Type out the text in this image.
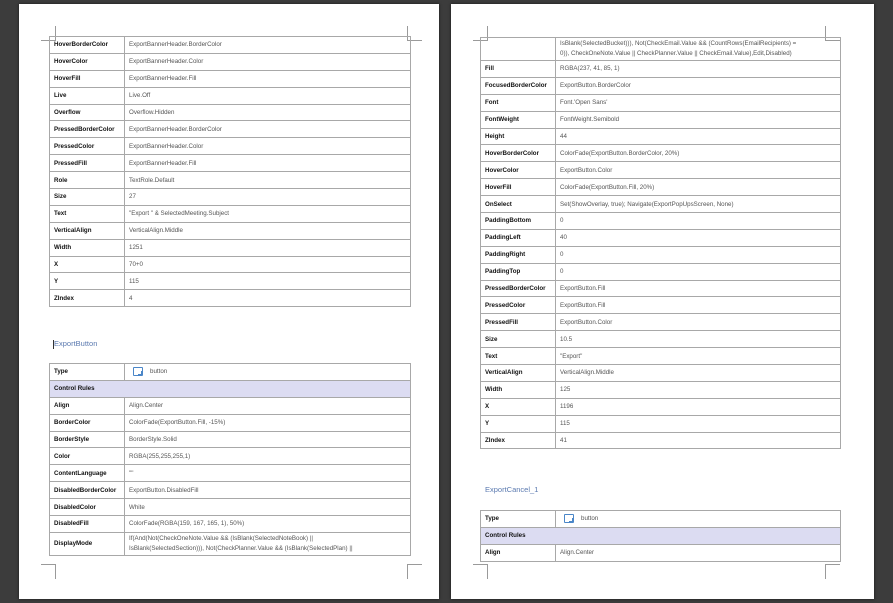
HoverBorderColor	ExportBannerHeader.BorderColor
HoverColor	ExportBannerHeader.Color
HoverFill	ExportBannerHeader.Fill
Live	Live.Off
Overflow	Overflow.Hidden
PressedBorderColor	ExportBannerHeader.BorderColor
PressedColor	ExportBannerHeader.Color
PressedFill	ExportBannerHeader.Fill
Role	TextRole.Default
Size	27
Text	"Export " & SelectedMeeting.Subject
VerticalAlign	VerticalAlign.Middle
Width	1251
X	70+0
Y	115
ZIndex	4
ExportButton
Type	button
Control Rules	
Align	Align.Center
BorderColor	ColorFade(ExportButton.Fill, -15%)
BorderStyle	BorderStyle.Solid
Color	RGBA(255,255,255,1)
ContentLanguage	""
DisabledBorderColor	ExportButton.DisabledFill
DisabledColor	White
DisabledFill	ColorFade(RGBA(159, 167, 165, 1), 50%)
DisplayMode	If(And(Not(CheckOneNote.Value && (IsBlank(SelectedNoteBook) ||
IsBlank(SelectedSection))), Not(CheckPlanner.Value && (IsBlank(SelectedPlan) ||

	IsBlank(SelectedBucket))), Not(CheckEmail.Value && (CountRows(EmailRecipients) =
0)), CheckOneNote.Value || CheckPlanner.Value || CheckEmail.Value),Edit,Disabled)

Fill	RGBA(237, 41, 85, 1)
FocusedBorderColor	ExportButton.BorderColor
Font	Font.'Open Sans'
FontWeight	FontWeight.Semibold
Height	44
HoverBorderColor	ColorFade(ExportButton.BorderColor, 20%)
HoverColor	ExportButton.Color
HoverFill	ColorFade(ExportButton.Fill, 20%)
OnSelect	Set(ShowOverlay, true); Navigate(ExportPopUpsScreen, None)
PaddingBottom	0
PaddingLeft	40
PaddingRight	0
PaddingTop	0
PressedBorderColor	ExportButton.Fill
PressedColor	ExportButton.Fill
PressedFill	ExportButton.Color
Size	10.5
Text	"Export"
VerticalAlign	VerticalAlign.Middle
Width	125
X	1196
Y	115
ZIndex	41
ExportCancel_1
Type	button
Control Rules	
Align	Align.Center
